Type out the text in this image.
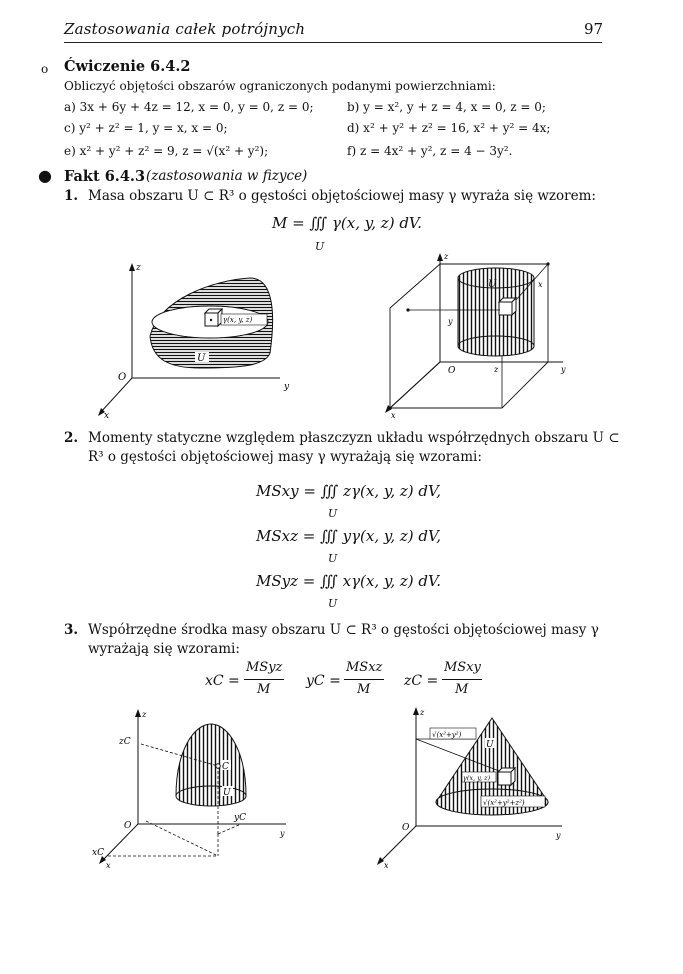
Zastosowania całek potrójnych	97
o Ćwiczenie 6.4.2
Obliczyć objętości obszarów ograniczonych podanymi powierzchniami:
a) 3x + 6y + 4z = 12, x = 0, y = 0, z = 0;	b) y = x², y + z = 4, x = 0, z = 0;
c) y² + z² = 1, y = x, x = 0;	d) x² + y² + z² = 16, x² + y² = 4x;
e) x² + y² + z² = 9, z = √(x² + y²);	f) z = 4x² + y², z = 4 − 3y².
● Fakt 6.4.3 (zastosowania w fizyce)
1. Masa obszaru U ⊂ R³ o gęstości objętościowej masy γ wyraża się wzorem:
M = ∭ γ(x, y, z) dV.
U
γ(x, y, z)
U
z
y
x
O
U	x
y
z
z
y
x
O
2. Momenty statyczne względem płaszczyzn układu współrzędnych obszaru U ⊂
R³ o gęstości objętościowej masy γ wyrażają się wzorami:
MSxy = ∭ zγ(x, y, z) dV,
U
MSxz = ∭ yγ(x, y, z) dV,
U
MSyz = ∭ xγ(x, y, z) dV.
U
3. Współrzędne środka masy obszaru U ⊂ R³ o gęstości objętościowej masy γ
wyrażają się wzorami:
xC =
MSyz
M
yC =
MSxz
M
zC =
MSxy
M
C
U
zC
yC
xC
z
y
x
O
γ(x, y, z)
√(x²+y²)
√(x²+y²+z²)
U
z
y
x
O
